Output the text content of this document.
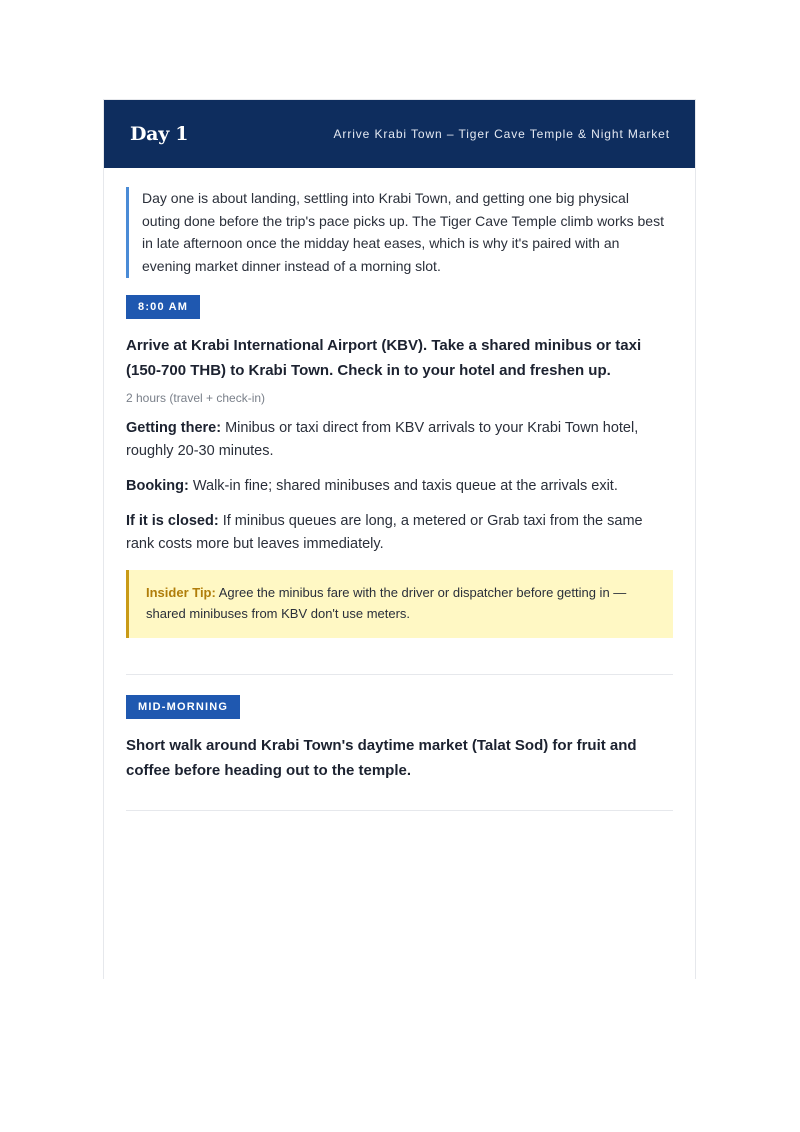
Day 1	Arrive Krabi Town – Tiger Cave Temple & Night Market
Day one is about landing, settling into Krabi Town, and getting one big physical outing done before the trip's pace picks up. The Tiger Cave Temple climb works best in late afternoon once the midday heat eases, which is why it's paired with an evening market dinner instead of a morning slot.
8:00 AM
Arrive at Krabi International Airport (KBV). Take a shared minibus or taxi (150-700 THB) to Krabi Town. Check in to your hotel and freshen up.
2 hours (travel + check-in)
Getting there: Minibus or taxi direct from KBV arrivals to your Krabi Town hotel, roughly 20-30 minutes.
Booking: Walk-in fine; shared minibuses and taxis queue at the arrivals exit.
If it is closed: If minibus queues are long, a metered or Grab taxi from the same rank costs more but leaves immediately.
Insider Tip: Agree the minibus fare with the driver or dispatcher before getting in — shared minibuses from KBV don't use meters.
MID-MORNING
Short walk around Krabi Town's daytime market (Talat Sod) for fruit and coffee before heading out to the temple.
